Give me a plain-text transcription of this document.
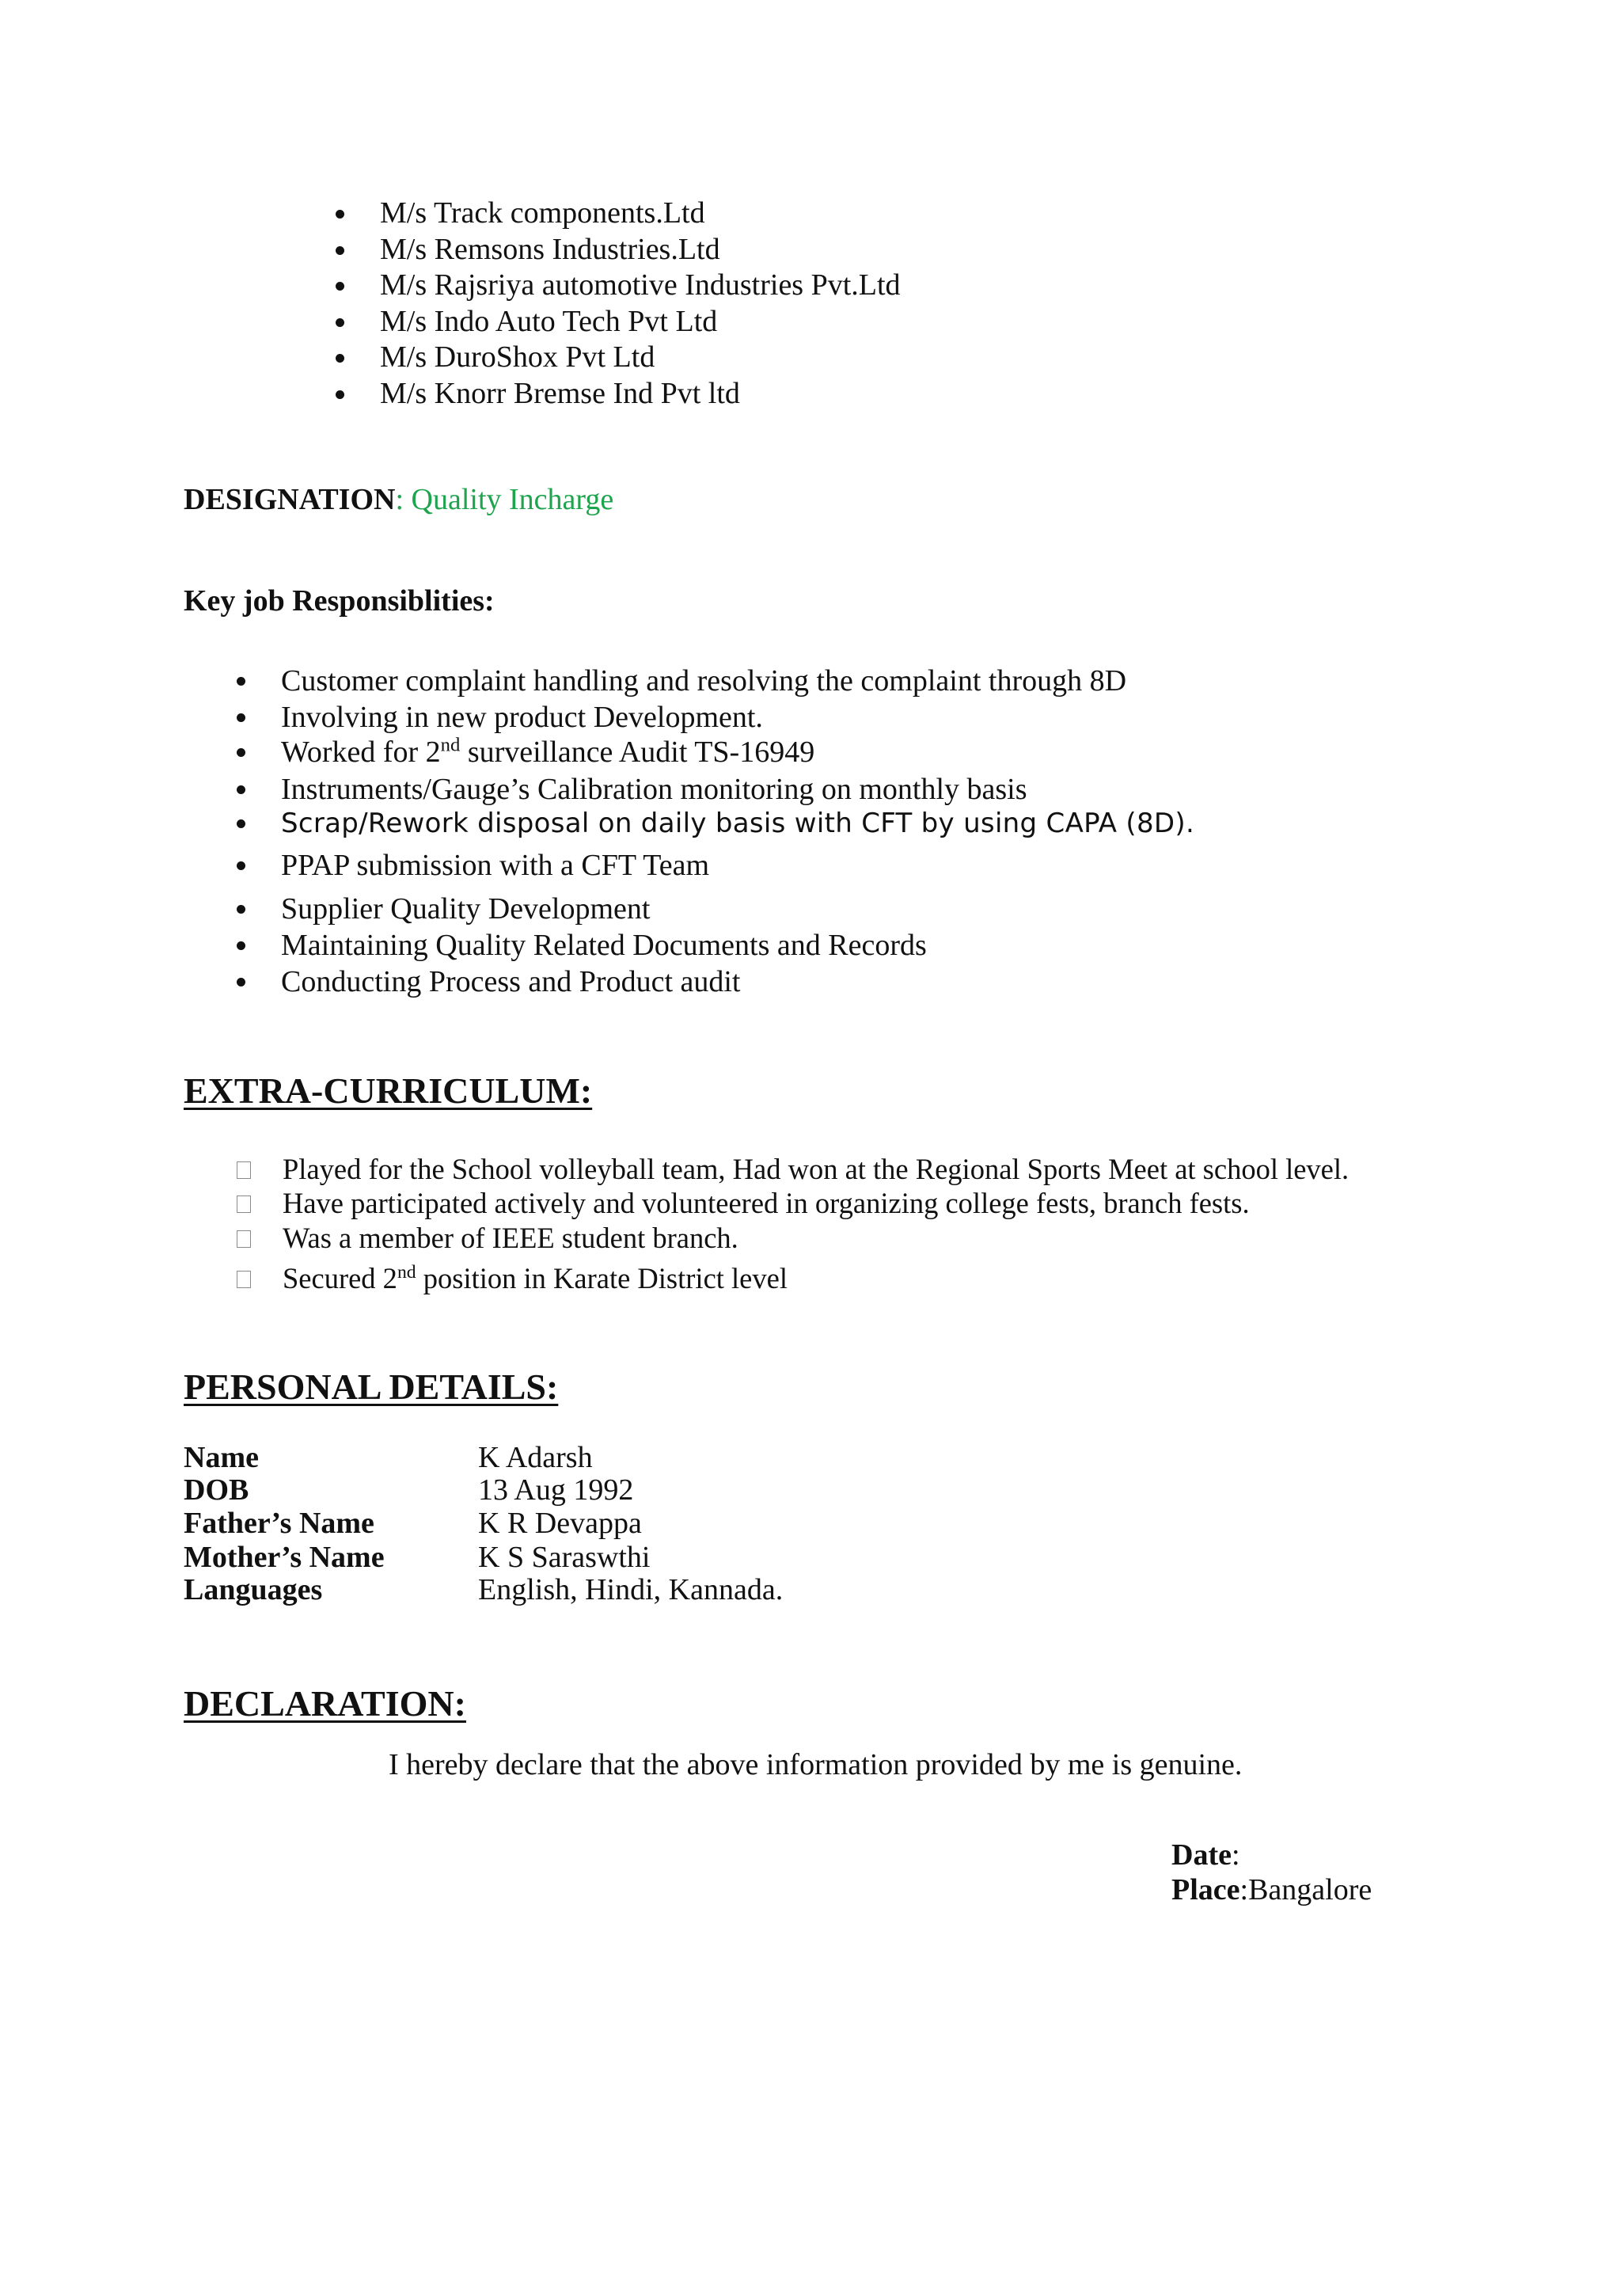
M/s Track components.Ltd
M/s Remsons Industries.Ltd
M/s Rajsriya automotive Industries Pvt.Ltd
M/s Indo Auto Tech Pvt Ltd
M/s DuroShox Pvt Ltd
M/s Knorr Bremse Ind Pvt ltd
DESIGNATION: Quality Incharge
Key job Responsiblities:
Customer complaint handling and resolving the complaint through 8D
Involving in new product Development.
Worked for 2nd surveillance Audit TS-16949
Instruments/Gauge’s Calibration monitoring on monthly basis
Scrap/Rework disposal on daily basis with CFT by using CAPA (8D).
PPAP submission with a CFT Team
Supplier Quality Development
Maintaining Quality Related Documents and Records
Conducting Process and Product audit
EXTRA-CURRICULUM:
Played for the School volleyball team, Had won at the Regional Sports Meet at school level.
Have participated actively and volunteered in organizing college fests, branch fests.
Was a member of IEEE student branch.
Secured 2nd position in Karate District level
PERSONAL DETAILS:
Name	K Adarsh
DOB	13 Aug 1992
Father’s Name	K R Devappa
Mother’s Name	K S Saraswthi
Languages	English, Hindi, Kannada.
DECLARATION:
I hereby declare that the above information provided by me is genuine.
Date:
Place:Bangalore
